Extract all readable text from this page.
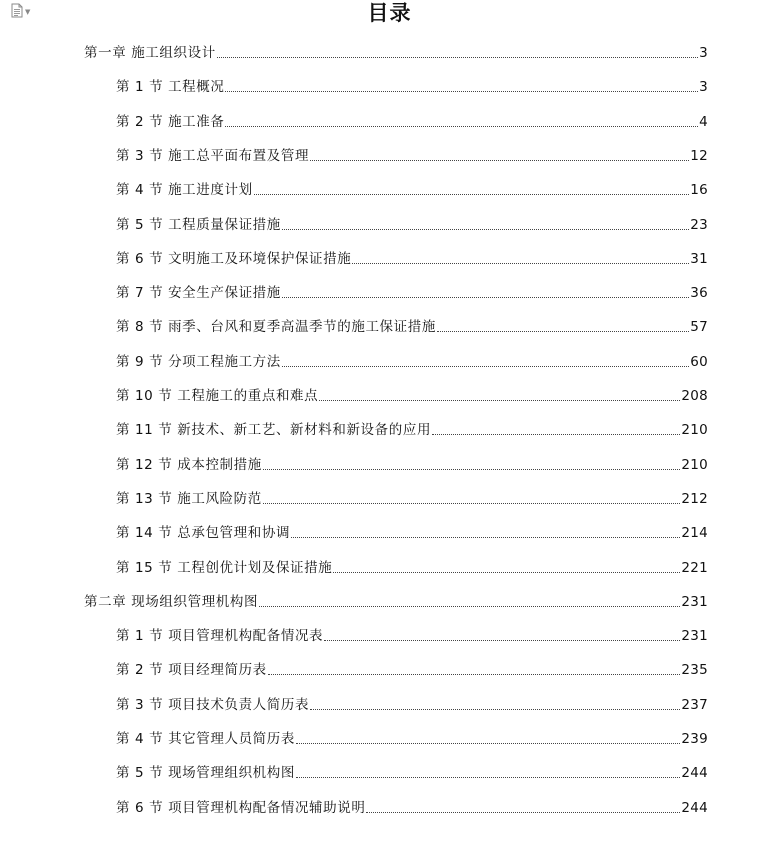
▼	目录
第一章 施工组织设计	3
第 1 节 工程概况	3
第 2 节 施工准备	4
第 3 节 施工总平面布置及管理	12
第 4 节 施工进度计划	16
第 5 节 工程质量保证措施	23
第 6 节 文明施工及环境保护保证措施	31
第 7 节 安全生产保证措施	36
第 8 节 雨季、台风和夏季高温季节的施工保证措施	57
第 9 节 分项工程施工方法	60
第 10 节 工程施工的重点和难点	208
第 11 节 新技术、新工艺、新材料和新设备的应用	210
第 12 节 成本控制措施	210
第 13 节 施工风险防范	212
第 14 节 总承包管理和协调	214
第 15 节 工程创优计划及保证措施	221
第二章 现场组织管理机构图	231
第 1 节 项目管理机构配备情况表	231
第 2 节 项目经理简历表	235
第 3 节 项目技术负责人简历表	237
第 4 节 其它管理人员简历表	239
第 5 节 现场管理组织机构图	244
第 6 节 项目管理机构配备情况辅助说明	244
